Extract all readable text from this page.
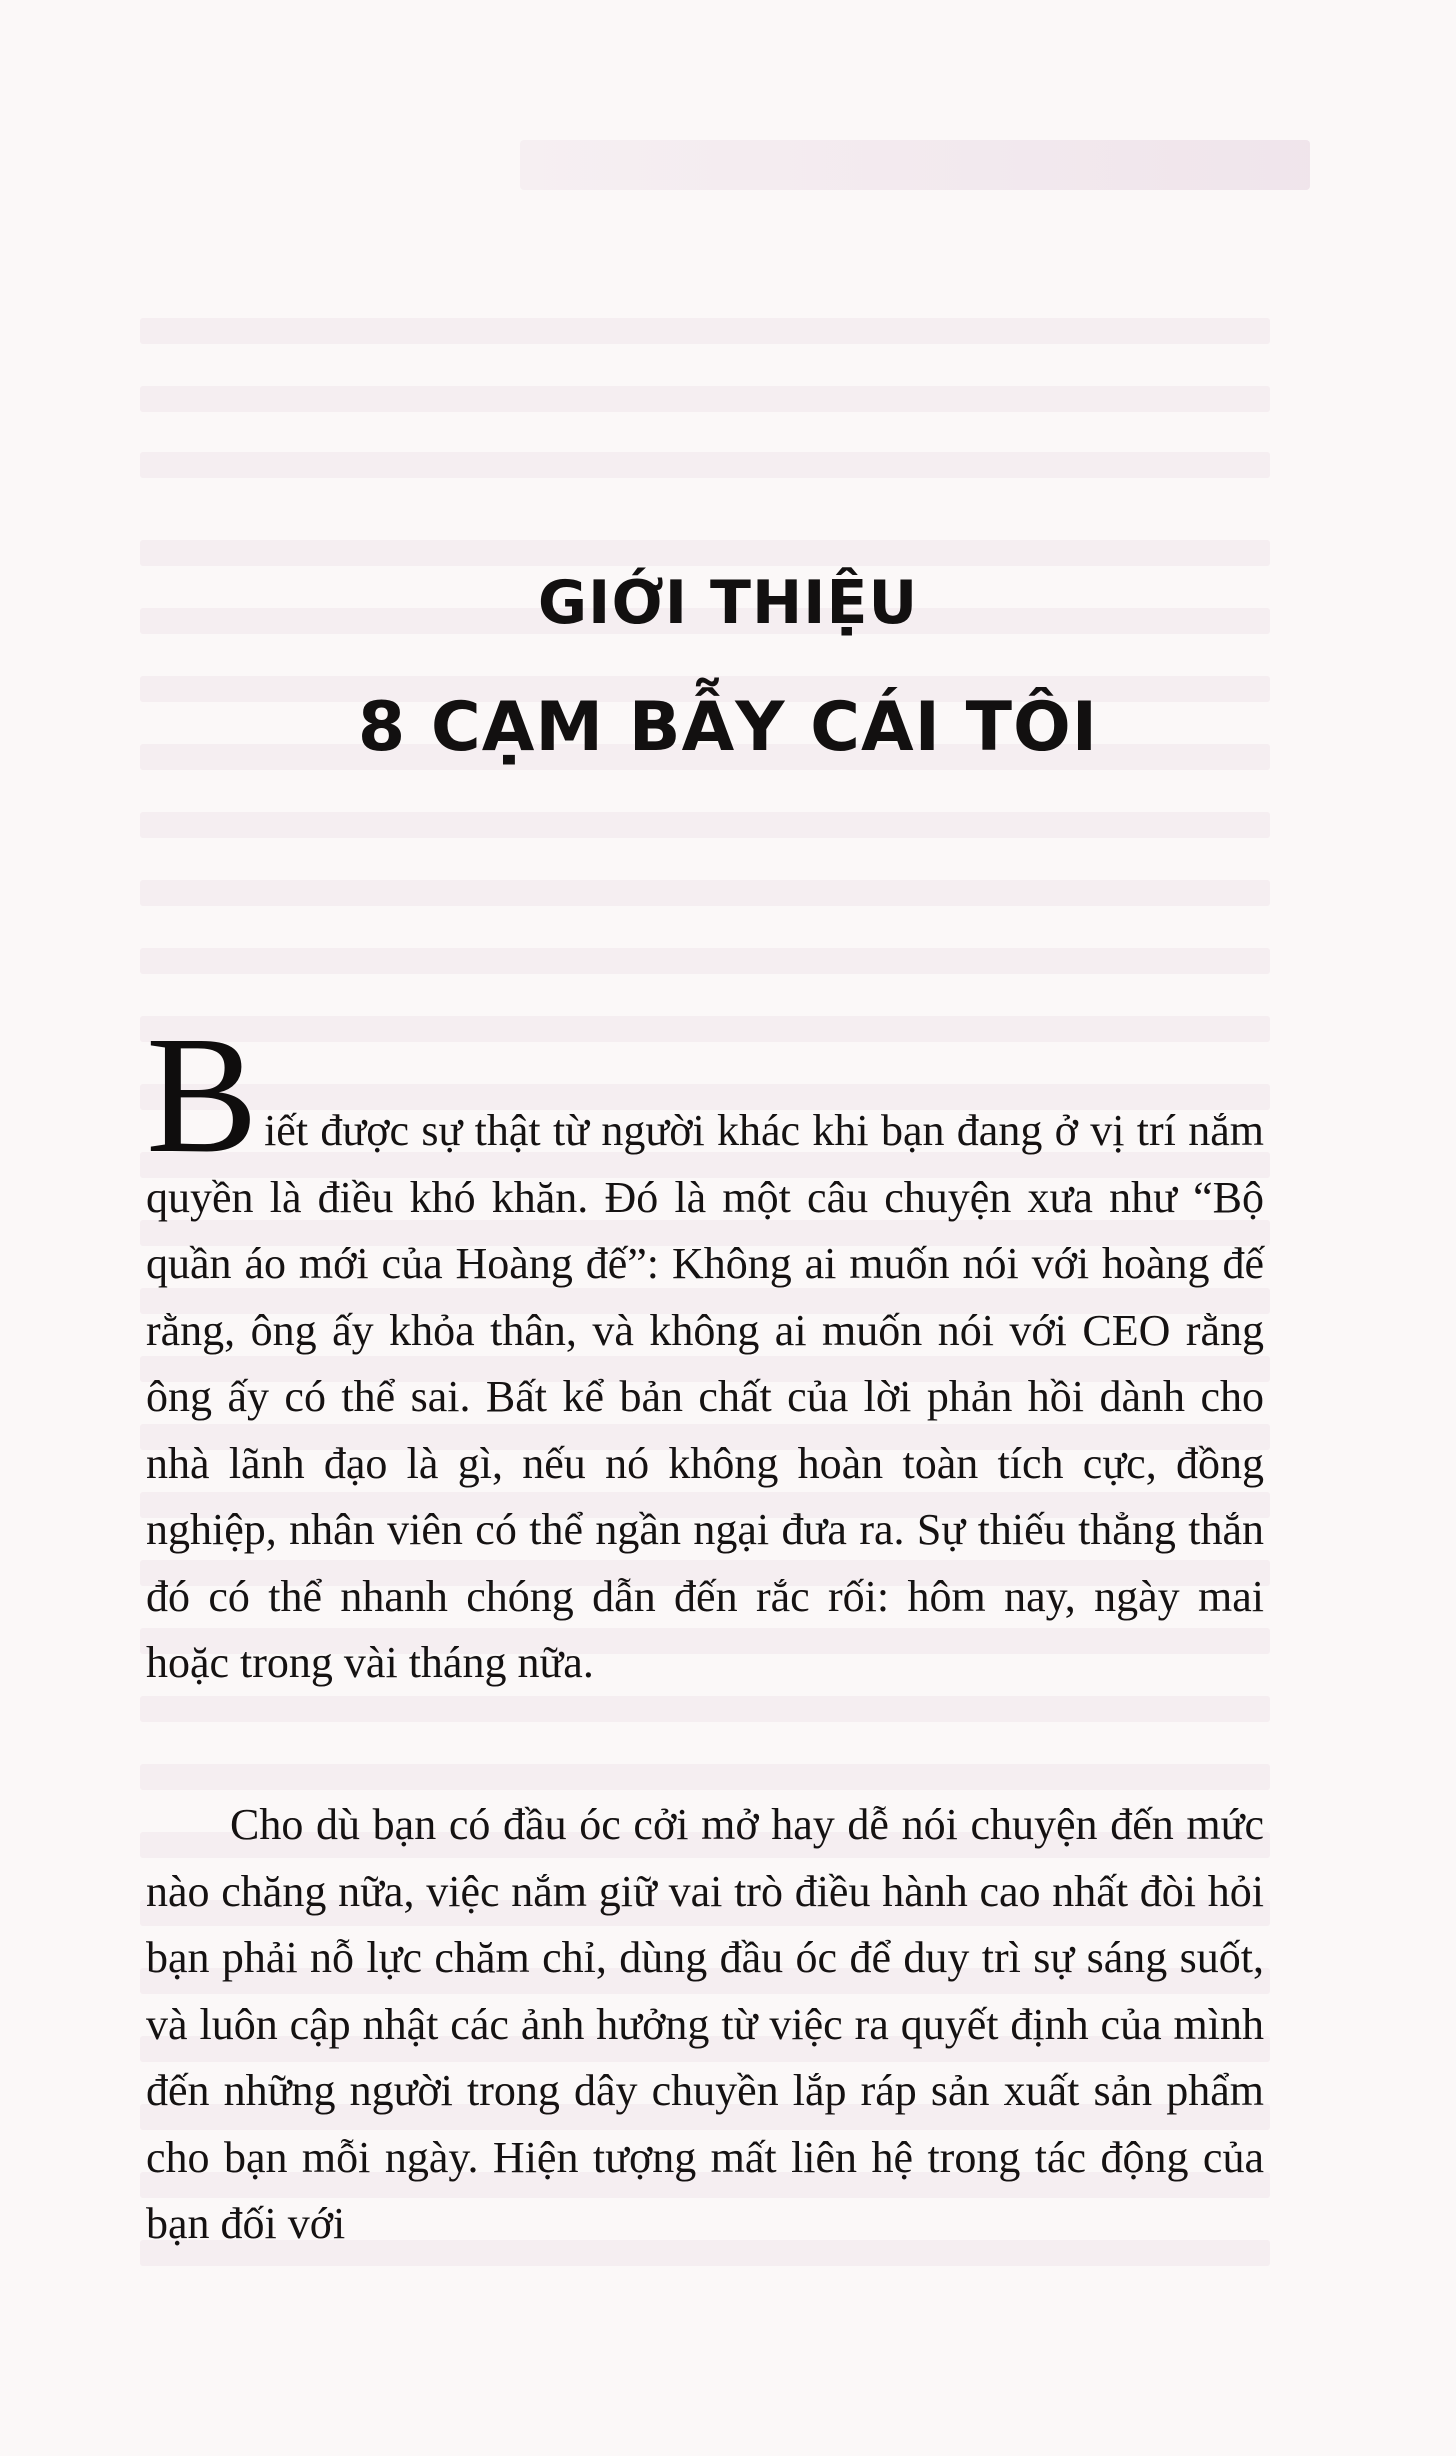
GIỚI THIỆU
8 CẠM BẪY CÁI TÔI

Biết được sự thật từ người khác khi bạn đang ở vị trí nắm quyền là điều khó khăn. Đó là một câu chuyện xưa như “Bộ quần áo mới của Hoàng đế”: Không ai muốn nói với hoàng đế rằng, ông ấy khỏa thân, và không ai muốn nói với CEO rằng ông ấy có thể sai. Bất kể bản chất của lời phản hồi dành cho nhà lãnh đạo là gì, nếu nó không hoàn toàn tích cực, đồng nghiệp, nhân viên có thể ngần ngại đưa ra. Sự thiếu thẳng thắn đó có thể nhanh chóng dẫn đến rắc rối: hôm nay, ngày mai hoặc trong vài tháng nữa.

Cho dù bạn có đầu óc cởi mở hay dễ nói chuyện đến mức nào chăng nữa, việc nắm giữ vai trò điều hành cao nhất đòi hỏi bạn phải nỗ lực chăm chỉ, dùng đầu óc để duy trì sự sáng suốt, và luôn cập nhật các ảnh hưởng từ việc ra quyết định của mình đến những người trong dây chuyền lắp ráp sản xuất sản phẩm cho bạn mỗi ngày. Hiện tượng mất liên hệ trong tác động của bạn đối với
